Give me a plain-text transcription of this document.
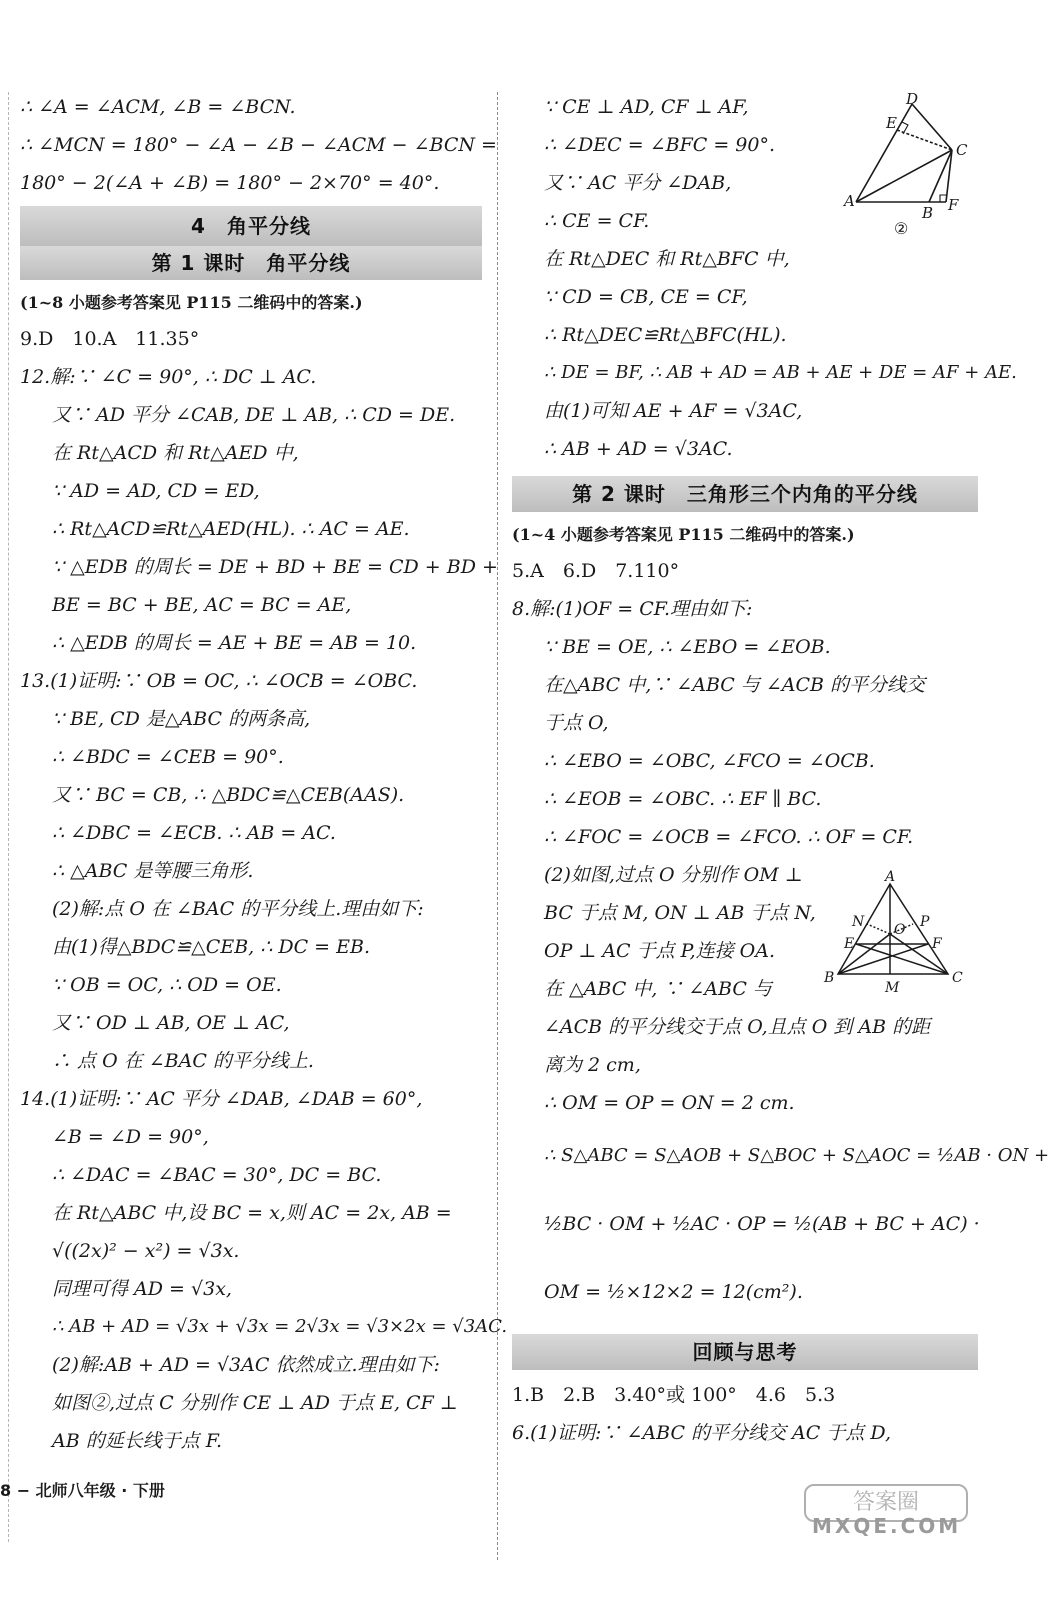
∴ ∠A = ∠ACM, ∠B = ∠BCN.
∴ ∠MCN = 180° − ∠A − ∠B − ∠ACM − ∠BCN =
180° − 2(∠A + ∠B) = 180° − 2×70° = 40°.
4　角平分线
第 1 课时　角平分线
(1~8 小题参考答案见 P115 二维码中的答案.)
9.D　10.A　11.35°
12.解:∵ ∠C = 90°, ∴ DC ⊥ AC.
又∵ AD 平分 ∠CAB, DE ⊥ AB, ∴ CD = DE.
在 Rt△ACD 和 Rt△AED 中,
∵ AD = AD, CD = ED,
∴ Rt△ACD≌Rt△AED(HL). ∴ AC = AE.
∵ △EDB 的周长 = DE + BD + BE = CD + BD +
BE = BC + BE, AC = BC = AE,
∴ △EDB 的周长 = AE + BE = AB = 10.
13.(1)证明:∵ OB = OC, ∴ ∠OCB = ∠OBC.
∵ BE, CD 是△ABC 的两条高,
∴ ∠BDC = ∠CEB = 90°.
又∵ BC = CB, ∴ △BDC≌△CEB(AAS).
∴ ∠DBC = ∠ECB. ∴ AB = AC.
∴ △ABC 是等腰三角形.
(2)解:点 O 在 ∠BAC 的平分线上.理由如下:
由(1)得△BDC≌△CEB, ∴ DC = EB.
∵ OB = OC, ∴ OD = OE.
又∵ OD ⊥ AB, OE ⊥ AC,
∴ 点 O 在 ∠BAC 的平分线上.
14.(1)证明:∵ AC 平分 ∠DAB, ∠DAB = 60°,
∠B = ∠D = 90°,
∴ ∠DAC = ∠BAC = 30°, DC = BC.
在 Rt△ABC 中,设 BC = x,则 AC = 2x, AB =
√((2x)² − x²) = √3x.
同理可得 AD = √3x,
∴ AB + AD = √3x + √3x = 2√3x = √3×2x = √3AC.
(2)解:AB + AD = √3AC 依然成立.理由如下:
如图②,过点 C 分别作 CE ⊥ AD 于点 E, CF ⊥
AB 的延长线于点 F.
∵ CE ⊥ AD, CF ⊥ AF,
∴ ∠DEC = ∠BFC = 90°.
又∵ AC 平分 ∠DAB,
∴ CE = CF.
在 Rt△DEC 和 Rt△BFC 中,
∵ CD = CB, CE = CF,
∴ Rt△DEC≌Rt△BFC(HL).
∴ DE = BF, ∴ AB + AD = AB + AE + DE = AF + AE.
由(1)可知 AE + AF = √3AC,
∴ AB + AD = √3AC.
第 2 课时　三角形三个内角的平分线
(1~4 小题参考答案见 P115 二维码中的答案.)
5.A　6.D　7.110°
8.解:(1)OF = CF.理由如下:
∵ BE = OE, ∴ ∠EBO = ∠EOB.
在△ABC 中,∵ ∠ABC 与 ∠ACB 的平分线交
于点 O,
∴ ∠EBO = ∠OBC, ∠FCO = ∠OCB.
∴ ∠EOB = ∠OBC. ∴ EF ∥ BC.
∴ ∠FOC = ∠OCB = ∠FCO. ∴ OF = CF.
(2)如图,过点 O 分别作 OM ⊥
BC 于点 M, ON ⊥ AB 于点 N,
OP ⊥ AC 于点 P,连接 OA.
在 △ABC 中, ∵ ∠ABC 与
∠ACB 的平分线交于点 O,且点 O 到 AB 的距
离为 2 cm,
∴ OM = OP = ON = 2 cm.
∴ S△ABC = S△AOB + S△BOC + S△AOC = ½AB · ON +
½BC · OM + ½AC · OP = ½(AB + BC + AC) ·
OM = ½×12×2 = 12(cm²).
回顾与思考
1.B　2.B　3.40°或 100°　4.6　5.3
6.(1)证明:∵ ∠ABC 的平分线交 AC 于点 D,
D
E
C
A
B F
②
A
N
E
O P
F
B
M
C
8 − 北师八年级 · 下册	答案圈
MXQE.COM
